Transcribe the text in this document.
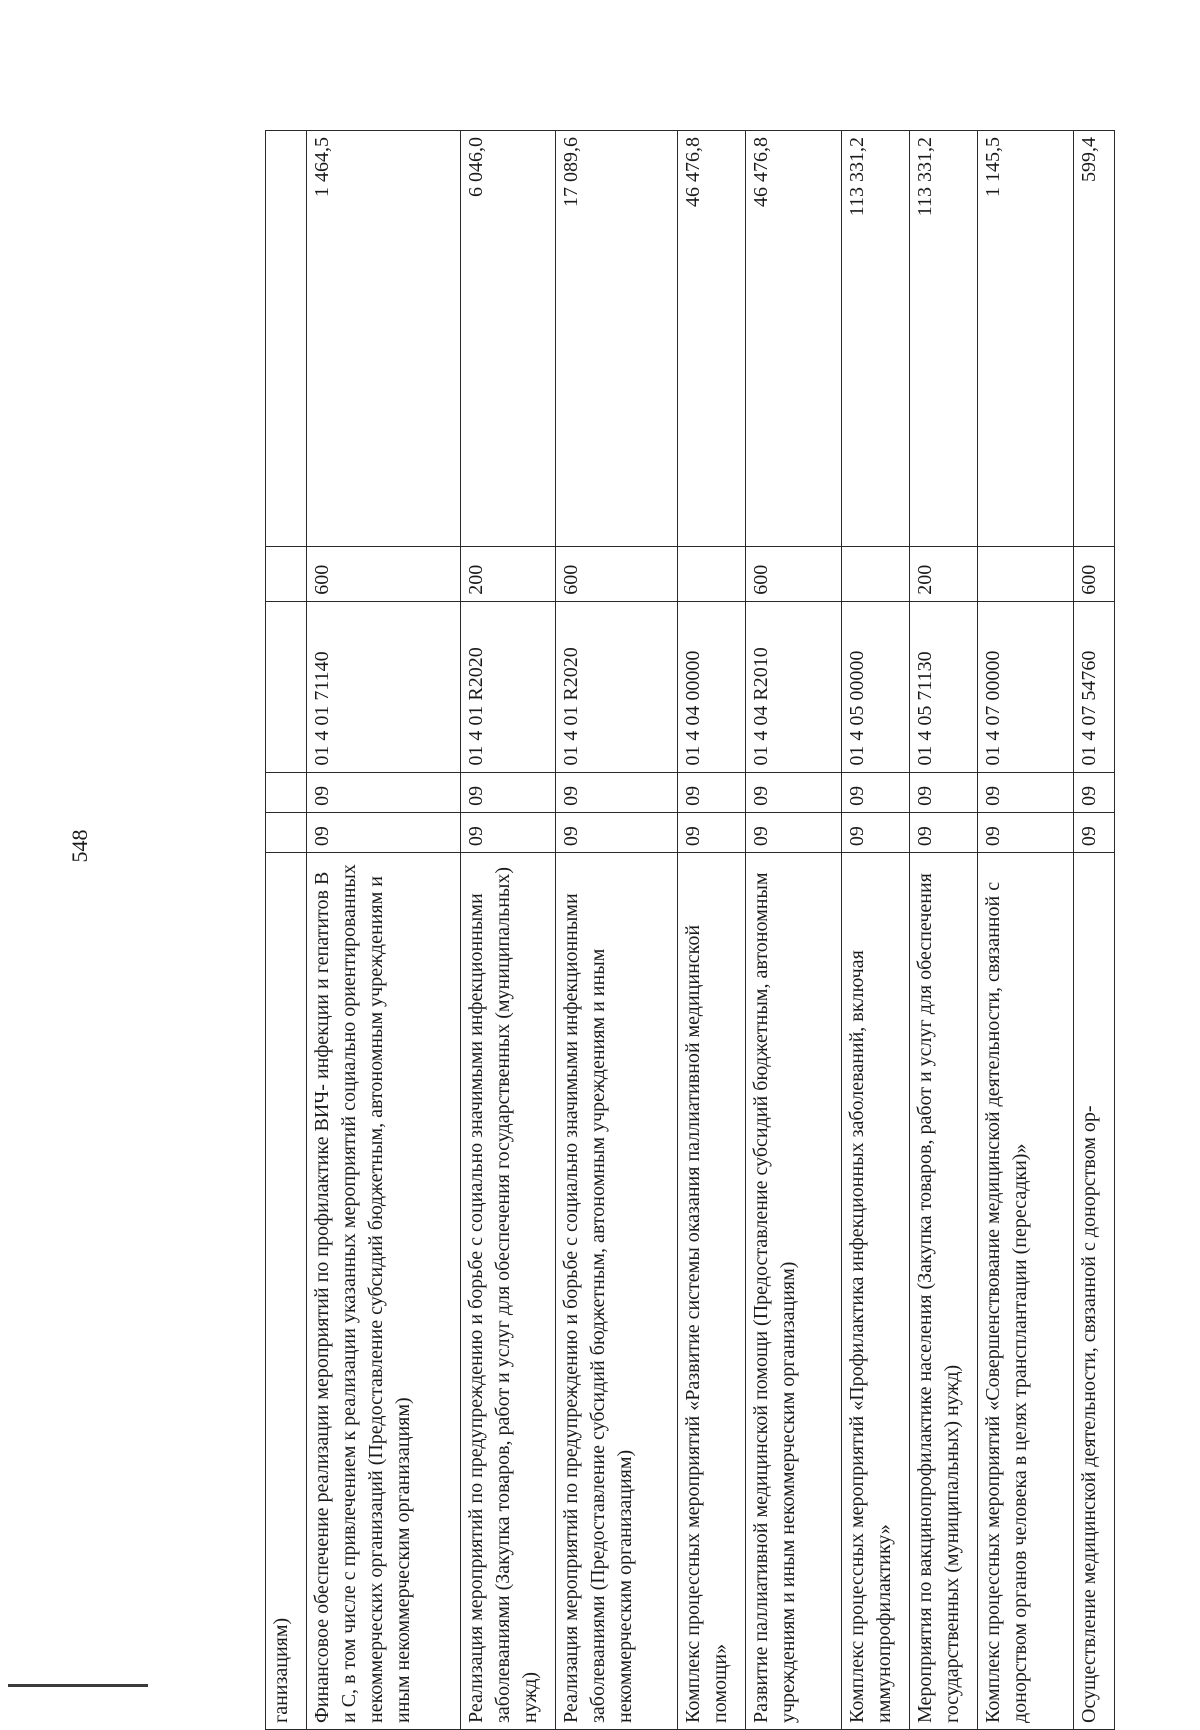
548
ганизациям)					
Финансовое обеспечение реализации мероприятий по профилактике ВИЧ- инфекции и гепатитов В и С, в том числе с привлечением к реализации указанных мероприятий социально ориентированных некоммерческих организаций (Предоставление субсидий бюджетным, автономным учреждениям и иным некоммерческим организациям)	09	09	01 4 01 71140	600	1 464,5
Реализация мероприятий по предупреждению и борьбе с социально значимыми инфекционными заболеваниями (Закупка товаров, работ и услуг для обеспечения государственных (муниципальных) нужд)	09	09	01 4 01 R2020	200	6 046,0
Реализация мероприятий по предупреждению и борьбе с социально значимыми инфекционными заболеваниями (Предоставление субсидий бюджетным, автономным учреждениям и иным некоммерческим организациям)	09	09	01 4 01 R2020	600	17 089,6
Комплекс процессных мероприятий «Развитие системы оказания паллиативной медицинской помощи»	09	09	01 4 04 00000		46 476,8
Развитие паллиативной медицинской помощи (Предоставление субсидий бюджетным, автономным учреждениям и иным некоммерческим организациям)	09	09	01 4 04 R2010	600	46 476,8
Комплекс процессных мероприятий «Профилактика инфекционных заболеваний, включая иммунопрофилактику»	09	09	01 4 05 00000		113 331,2
Мероприятия по вакцинопрофилактике населения (Закупка товаров, работ и услуг для обеспечения государственных (муниципальных) нужд)	09	09	01 4 05 71130	200	113 331,2
Комплекс процессных мероприятий «Совершенствование медицинской деятельности, связанной с донорством органов человека в целях трансплантации (пересадки)»	09	09	01 4 07 00000		1 145,5
Осуществление медицинской деятельности, связанной с донорством ор-	09	09	01 4 07 54760	600	599,4
